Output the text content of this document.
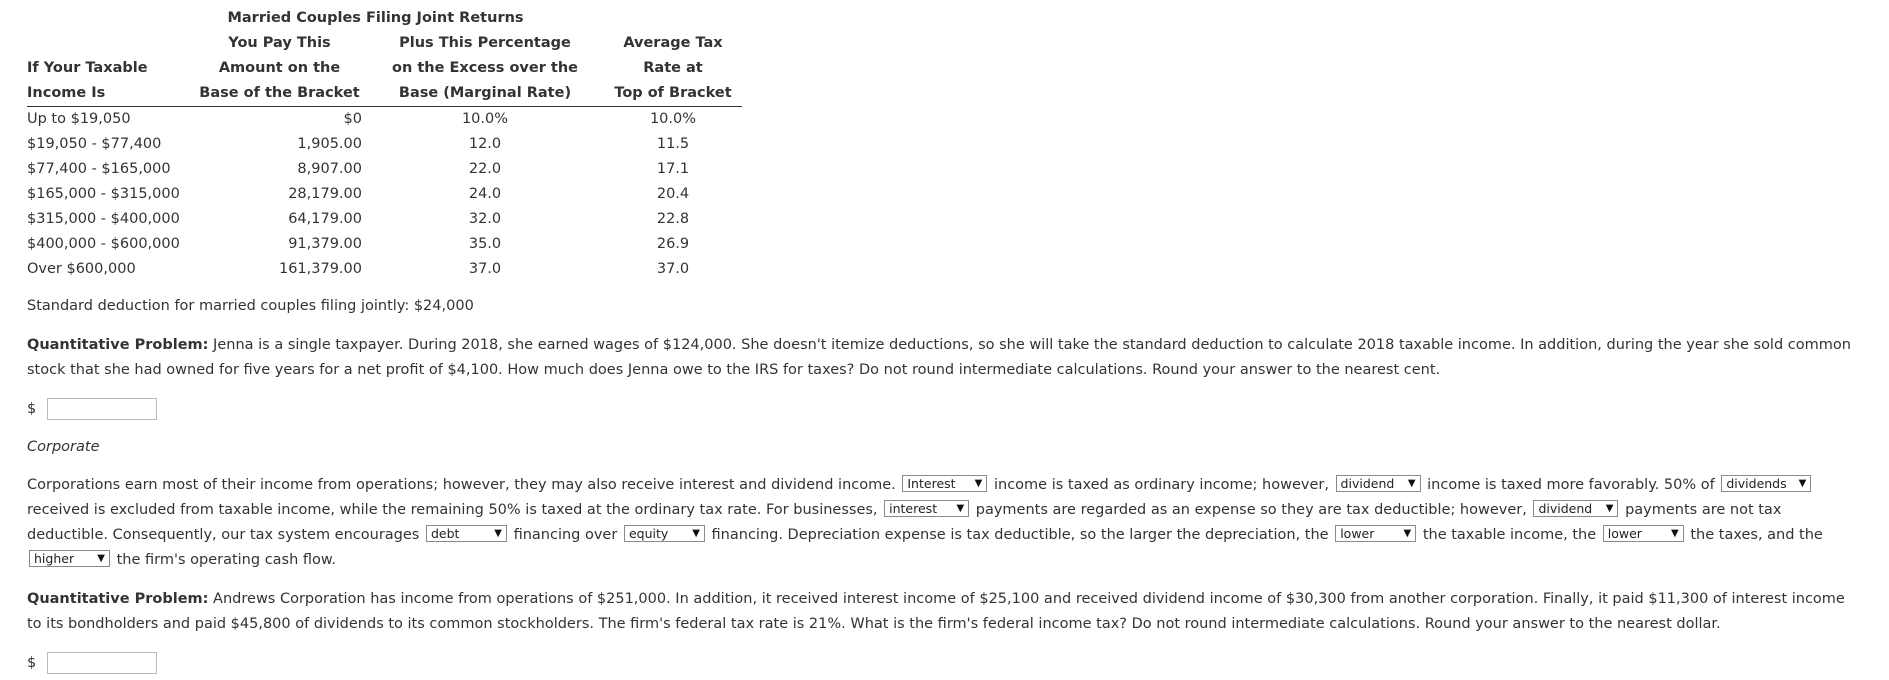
	Married Couples Filing Joint Returns		
	You Pay This	Plus This Percentage	Average Tax
If Your Taxable	Amount on the	on the Excess over the	Rate at
Income Is	Base of the Bracket	Base (Marginal Rate)	Top of Bracket
Up to $19,050	$0	10.0%	10.0%
$19,050 - $77,400	1,905.00	12.0	11.5
$77,400 - $165,000	8,907.00	22.0	17.1
$165,000 - $315,000	28,179.00	24.0	20.4
$315,000 - $400,000	64,179.00	32.0	22.8
$400,000 - $600,000	91,379.00	35.0	26.9
Over $600,000	161,379.00	37.0	37.0

Standard deduction for married couples filing jointly: $24,000

Quantitative Problem: Jenna is a single taxpayer. During 2018, she earned wages of $124,000. She doesn't itemize deductions, so she will take the standard deduction to calculate 2018 taxable income. In addition, during the year she sold common stock that she had owned for five years for a net profit of $4,100. How much does Jenna owe to the IRS for taxes? Do not round intermediate calculations. Round your answer to the nearest cent.

$

Corporate

Corporations earn most of their income from operations; however, they may also receive interest and dividend income. Interest ▼ income is taxed as ordinary income; however, dividend ▼ income is taxed more favorably. 50% of dividends ▼
received is excluded from taxable income, while the remaining 50% is taxed at the ordinary tax rate. For businesses, interest ▼ payments are regarded as an expense so they are tax deductible; however, dividend ▼ payments are not tax deductible. Consequently, our tax system encourages debt	▼ financing over equity ▼ financing. Depreciation expense is tax deductible, so the larger the depreciation, the lower	▼ the taxable income, the lower	▼ the taxes, and the
higher ▼ the firm's operating cash flow.

Quantitative Problem: Andrews Corporation has income from operations of $251,000. In addition, it received interest income of $25,100 and received dividend income of $30,300 from another corporation. Finally, it paid $11,300 of interest income to its bondholders and paid $45,800 of dividends to its common stockholders. The firm's federal tax rate is 21%. What is the firm's federal income tax? Do not round intermediate calculations. Round your answer to the nearest dollar.

$
